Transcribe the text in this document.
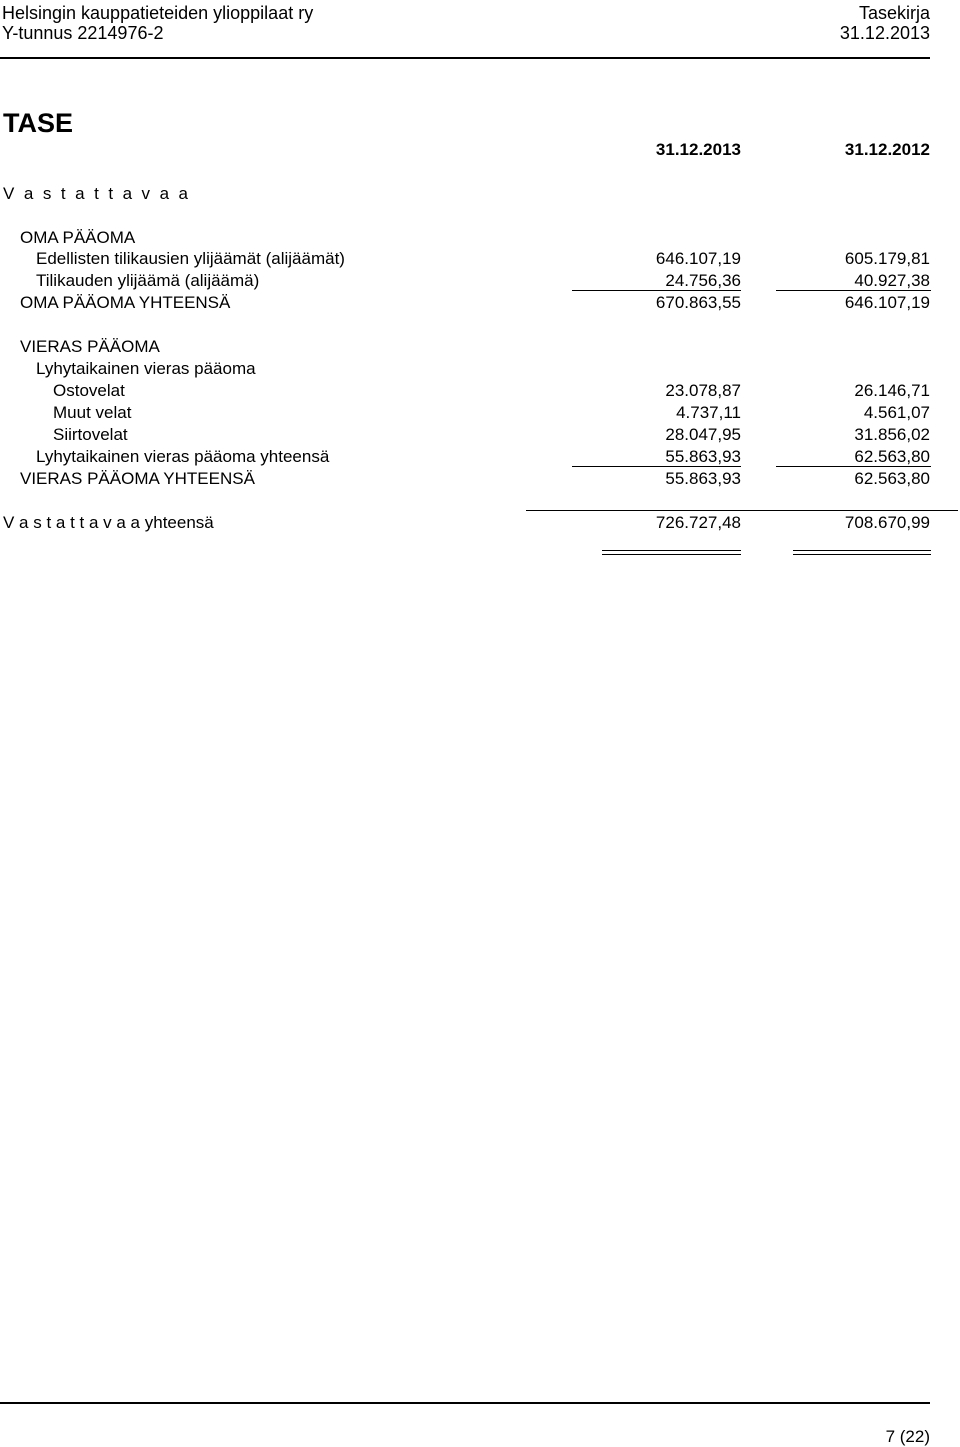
Helsingin kauppatieteiden ylioppilaat ry
Y-tunnus 2214976-2
Tasekirja
31.12.2013
TASE
31.12.2013	31.12.2012
V a s t a t t a v a a
OMA PÄÄOMA
Edellisten tilikausien ylijäämät (alijäämät)	646.107,19	605.179,81
Tilikauden ylijäämä (alijäämä)	24.756,36	40.927,38
OMA PÄÄOMA YHTEENSÄ	670.863,55	646.107,19
VIERAS PÄÄOMA
Lyhytaikainen vieras pääoma
Ostovelat	23.078,87	26.146,71
Muut velat	4.737,11	4.561,07
Siirtovelat	28.047,95	31.856,02
Lyhytaikainen vieras pääoma yhteensä	55.863,93	62.563,80
VIERAS PÄÄOMA YHTEENSÄ	55.863,93	62.563,80
V a s t a t t a v a a yhteensä	726.727,48	708.670,99
7 (22)
